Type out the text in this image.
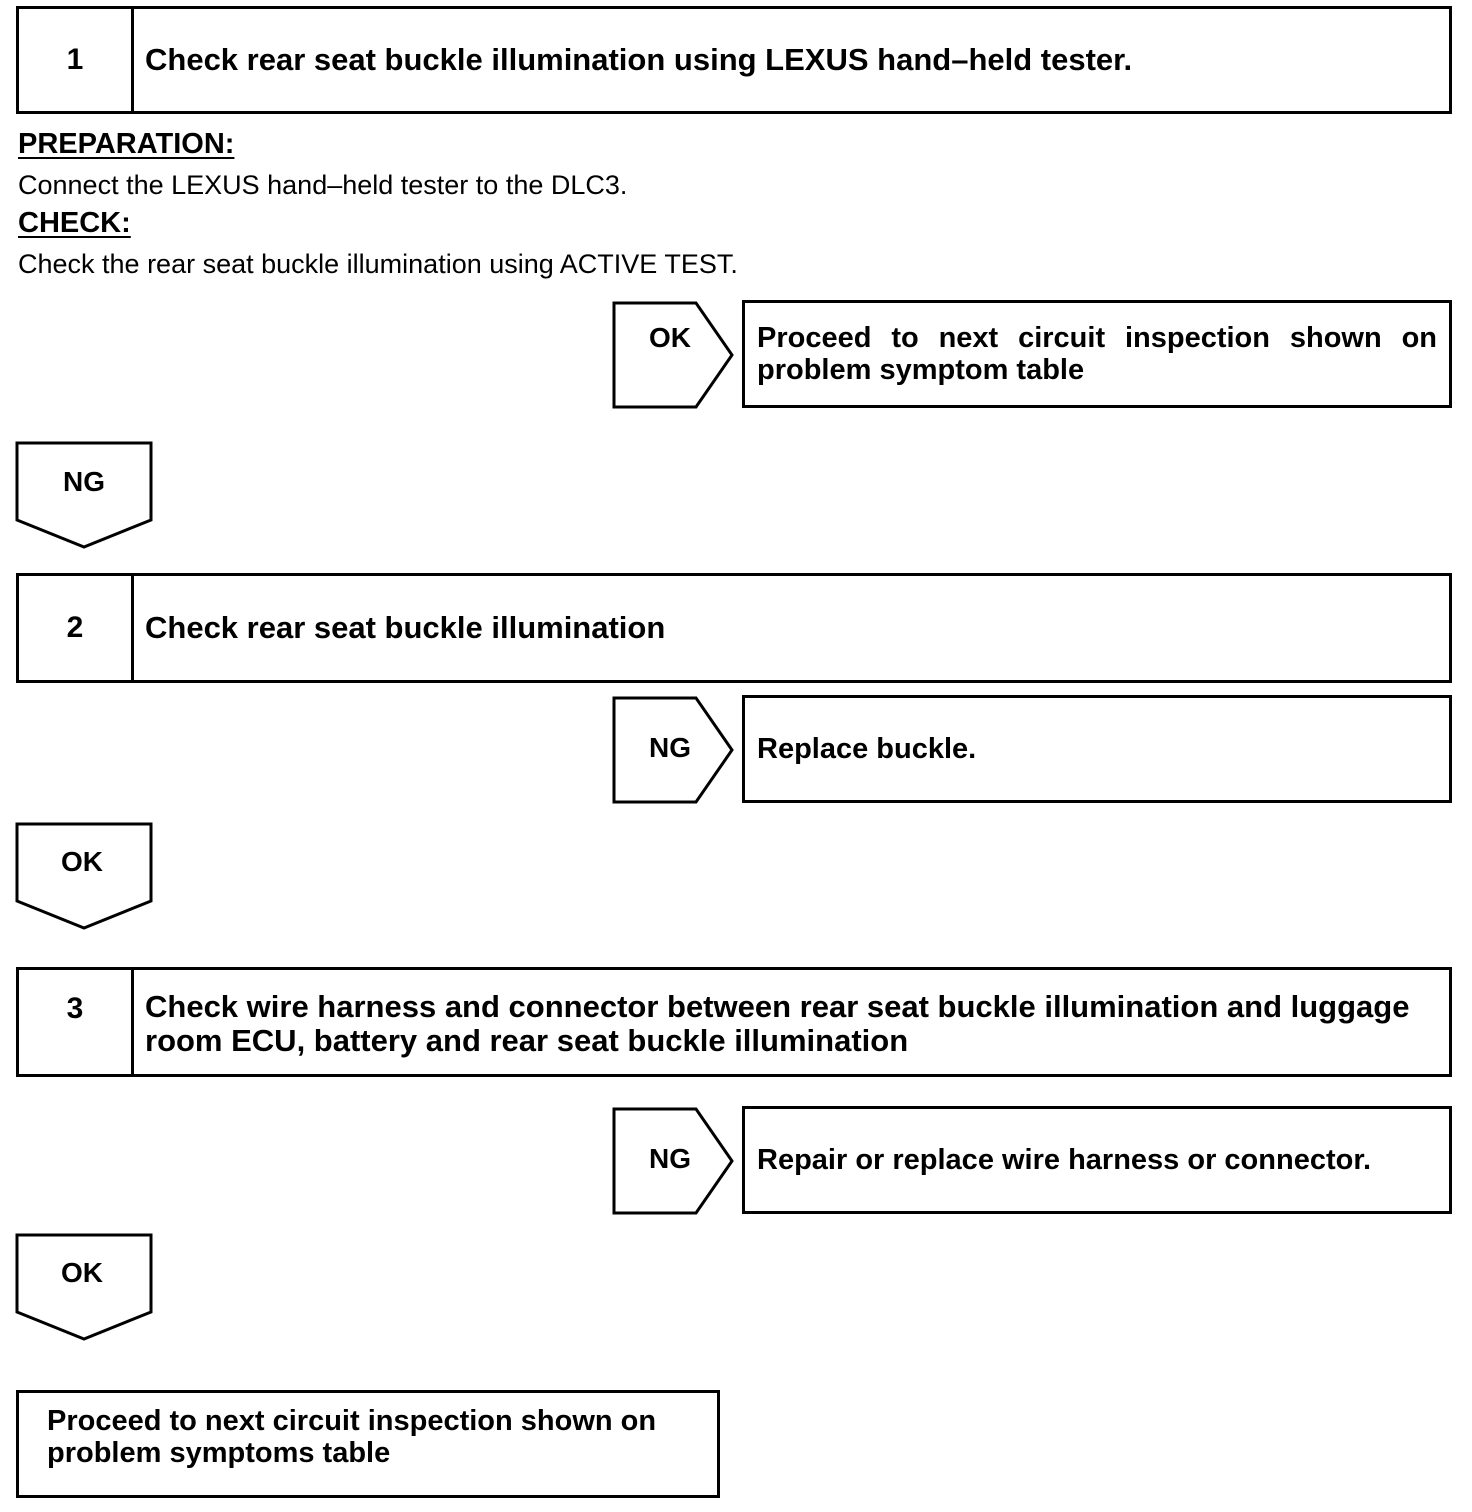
1	Check rear seat buckle illumination using LEXUS hand–held tester.
PREPARATION:
Connect the LEXUS hand–held tester to the DLC3.
CHECK:
Check the rear seat buckle illumination using ACTIVE TEST.
OK	Proceed to next circuit inspection shown on problem symptom table
NG
2	Check rear seat buckle illumination
NG	Replace buckle.
OK
3	Check wire harness and connector between rear seat buckle illumination and luggage room ECU, battery and rear seat buckle illumination
NG	Repair or replace wire harness or connector.
OK
Proceed to next circuit inspection shown on problem symptoms table
